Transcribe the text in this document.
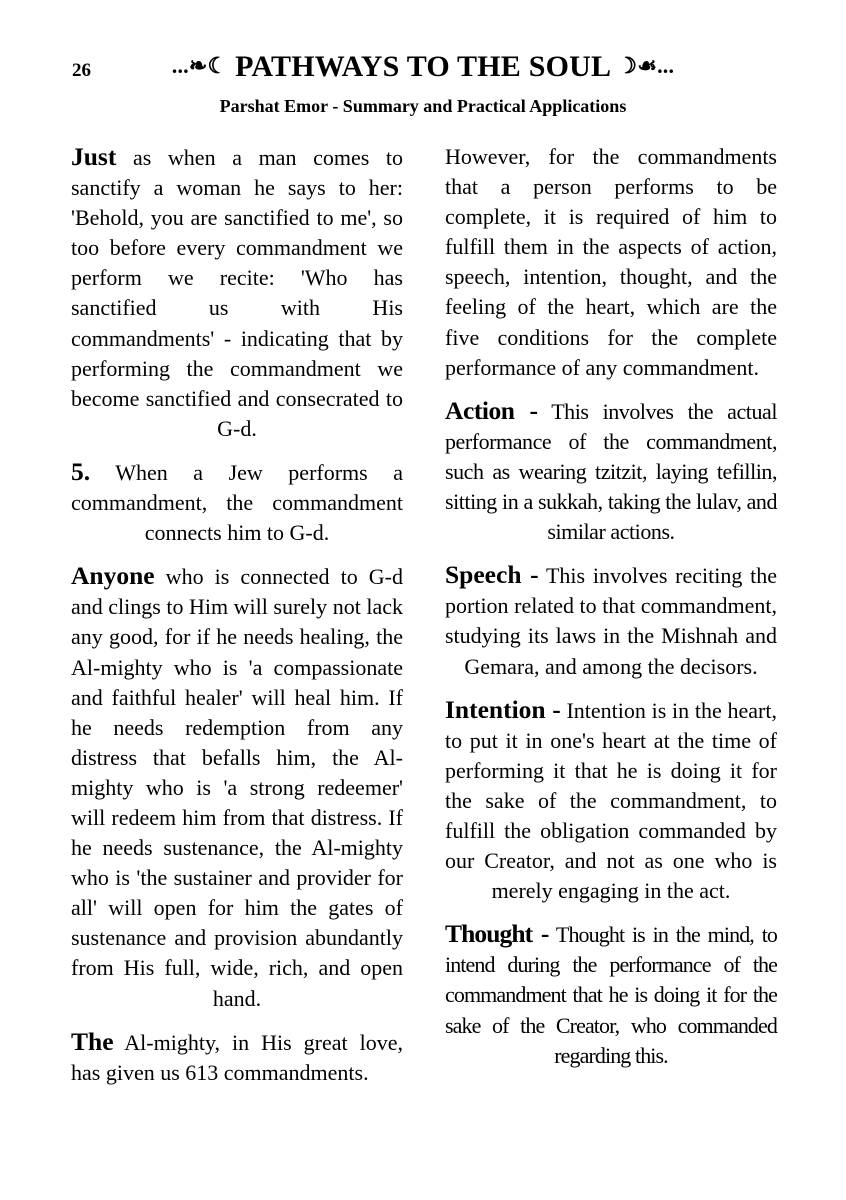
26	...❧☾ PATHWAYS TO THE SOUL ☽☙...
Parshat Emor - Summary and Practical Applications

Just as when a man comes to sanctify a woman he says to her: 'Behold, you are sanctified to me', so too before every commandment we perform we recite: 'Who has sanctified us with His commandments' - indicating that by performing the commandment we become sanctified and consecrated to G-d.

5. When a Jew performs a commandment, the commandment connects him to G-d.

Anyone who is connected to G-d and clings to Him will surely not lack any good, for if he needs healing, the Al-mighty who is 'a compassionate and faithful healer' will heal him. If he needs redemption from any distress that befalls him, the Al-mighty who is 'a strong redeemer' will redeem him from that distress. If he needs sustenance, the Al-mighty who is 'the sustainer and provider for all' will open for him the gates of sustenance and provision abundantly from His full, wide, rich, and open hand.

The Al-mighty, in His great love, has given us 613 commandments.

However, for the commandments that a person performs to be complete, it is required of him to fulfill them in the aspects of action, speech, intention, thought, and the feeling of the heart, which are the five conditions for the complete performance of any commandment.

Action - This involves the actual performance of the commandment, such as wearing tzitzit, laying tefillin, sitting in a sukkah, taking the lulav, and similar actions.

Speech - This involves reciting the portion related to that commandment, studying its laws in the Mishnah and Gemara, and among the decisors.

Intention - Intention is in the heart, to put it in one's heart at the time of performing it that he is doing it for the sake of the commandment, to fulfill the obligation commanded by our Creator, and not as one who is merely engaging in the act.

Thought - Thought is in the mind, to intend during the performance of the commandment that he is doing it for the sake of the Creator, who commanded regarding this.
